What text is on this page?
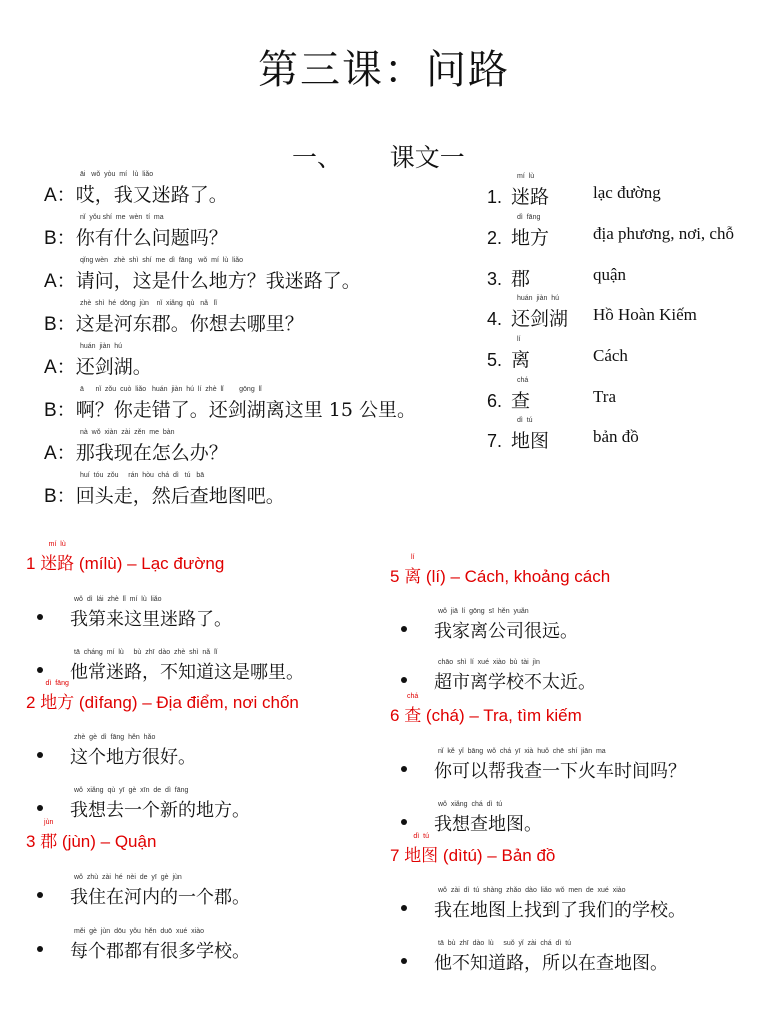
第三课：问路
一、 课文一
āi   wǒ  yòu  mí   lù  liǎo
A：哎，我又迷路了。
nǐ  yǒu shí  me  wèn  tí  ma
B：你有什么问题吗？
qǐng wèn   zhè  shì  shí  me  dì  fāng   wǒ  mí  lù  liǎo
A：请问，这是什么地方？我迷路了。
zhè  shì  hé  dōng  jùn    nǐ  xiǎng  qù   nǎ   lǐ
B：这是河东郡。你想去哪里？
huán  jiàn  hú
A：还剑湖。
ā      nǐ  zǒu  cuò  liǎo   huán  jiàn  hú  lí  zhè  lǐ        gōng  lǐ
B：啊？你走错了。还剑湖离这里 15 公里。
nà  wǒ  xiàn  zài  zěn  me  bàn
A：那我现在怎么办？
huí  tóu  zǒu     rán  hòu  chá  dì   tú   bā
B：回头走，然后查地图吧。
mí  lù
1. 迷路	lạc đường
dì  fāng
2. 地方	địa phương, nơi, chỗ
3. 郡	quận
huán  jiàn  hú
4. 还剑湖	Hồ Hoàn Kiếm
lí
5. 离	Cách
chá
6. 查	Tra
dì  tú
7. 地图	bản đồ
1
mí  lù
迷路 (mílù) – Lạc đường
wǒ  dì  lái  zhè  lǐ  mí  lù  liǎo
我第来这里迷路了。
tā  cháng  mí  lù     bù  zhī  dào  zhè  shì  nǎ  lǐ
他常迷路，不知道这是哪里。
2
dì  fāng
地方 (dìfang) – Địa điểm, nơi chốn
zhè  gè  dì  fāng  hěn  hǎo
这个地方很好。
wǒ  xiǎng  qù  yī  gè  xīn  de  dì  fāng
我想去一个新的地方。
3
jùn
郡 (jùn) – Quận
wǒ  zhù  zài  hé  nèi  de  yī  gè  jùn
我住在河内的一个郡。
měi  gè  jùn  dōu  yǒu  hěn  duō  xué  xiào
每个郡都有很多学校。
5
lí
离 (lí) – Cách, khoảng cách
wǒ  jiā  lí  gōng  sī  hěn  yuǎn
我家离公司很远。
chāo  shì  lí  xué  xiào  bù  tài  jìn
超市离学校不太近。
6
chá
查 (chá) – Tra, tìm kiếm
nǐ  kě  yǐ  bāng  wǒ  chá  yī  xià  huǒ  chē  shí  jiān  ma
你可以帮我查一下火车时间吗？
wǒ  xiǎng  chá  dì  tú
我想查地图。
7
dì  tú
地图 (dìtú) – Bản đồ
wǒ  zài  dì  tú  shàng  zhǎo  dào  liǎo  wǒ  men  de  xué  xiào
我在地图上找到了我们的学校。
tā  bù  zhī  dào  lù     suǒ  yǐ  zài  chá  dì  tú
他不知道路，所以在查地图。
